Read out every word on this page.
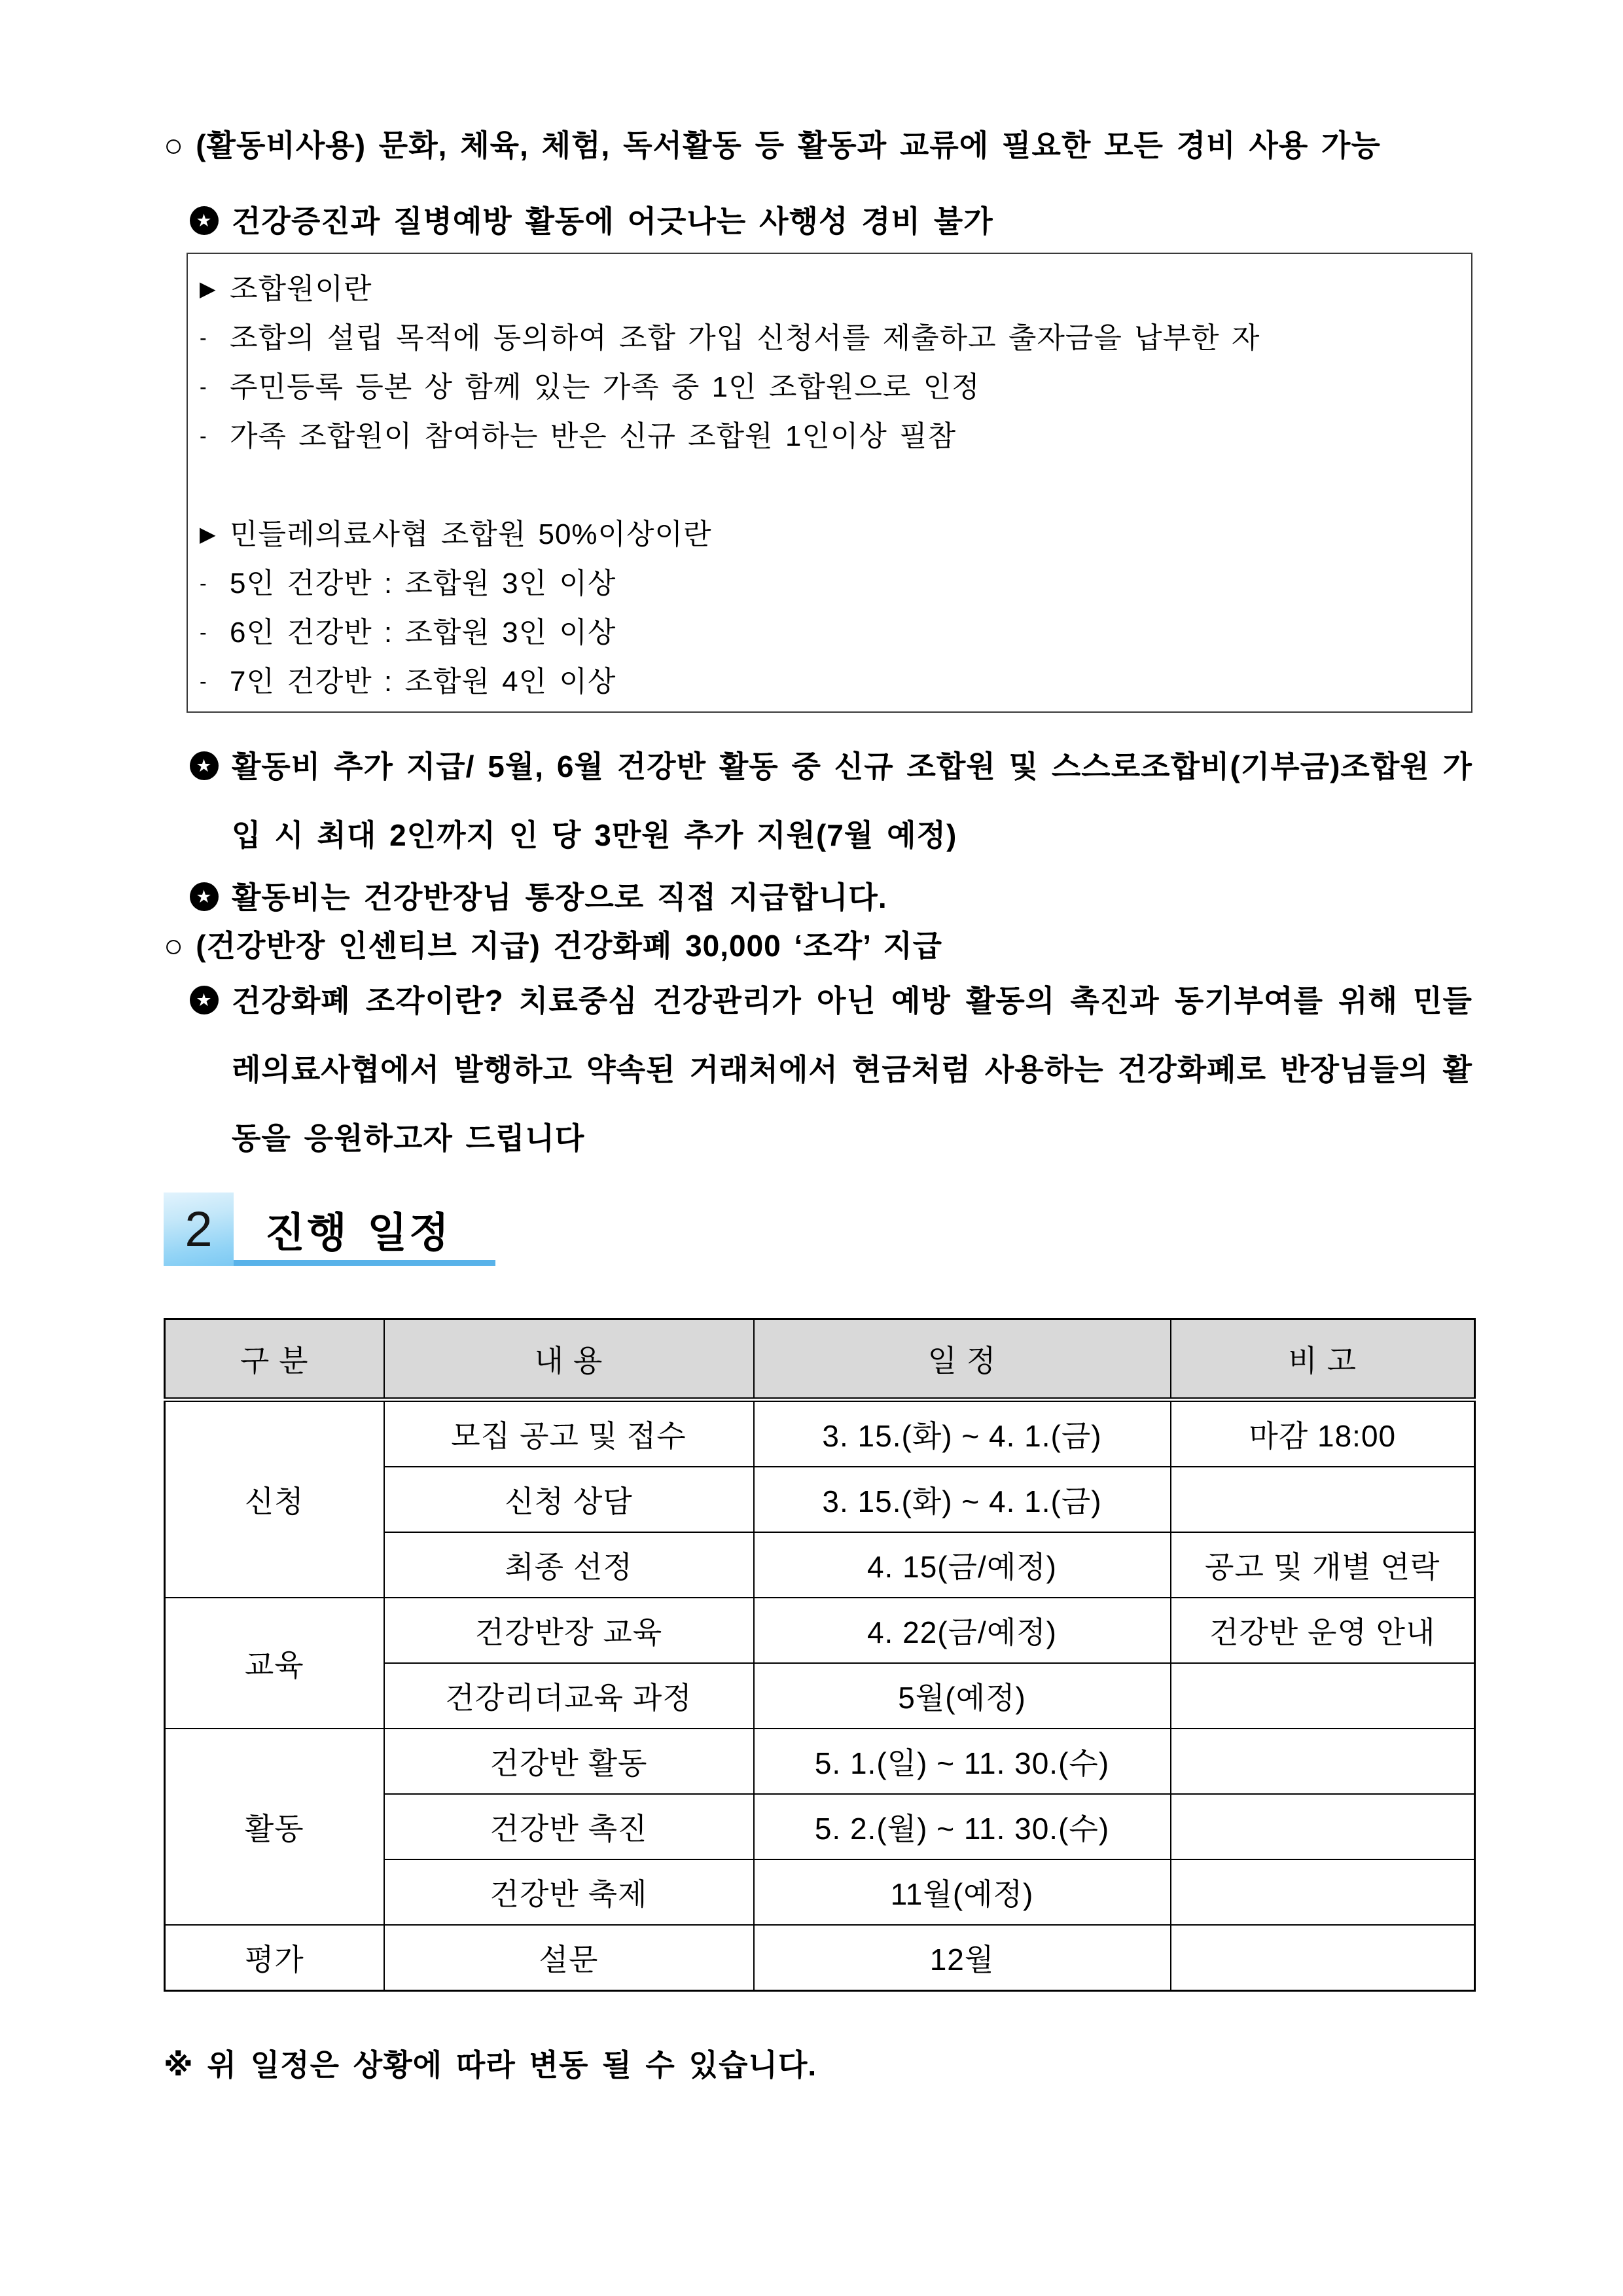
○ (활동비사용) 문화, 체육, 체험, 독서활동 등 활동과 교류에 필요한 모든 경비 사용 가능

★ 건강증진과 질병예방 활동에 어긋나는 사행성 경비 불가

▶ 조합원이란
- 조합의 설립 목적에 동의하여 조합 가입 신청서를 제출하고 출자금을 납부한 자
- 주민등록 등본 상 함께 있는 가족 중 1인 조합원으로 인정
- 가족 조합원이 참여하는 반은 신규 조합원 1인이상 필참
▶ 민들레의료사협 조합원 50%이상이란
- 5인 건강반 : 조합원 3인 이상
- 6인 건강반 : 조합원 3인 이상
- 7인 건강반 : 조합원 4인 이상

★ 활동비 추가 지급/ 5월, 6월 건강반 활동 중 신규 조합원 및 스스로조합비(기부금)조합원 가입 시 최대 2인까지 인 당 3만원 추가 지원(7월 예정)

★ 활동비는 건강반장님 통장으로 직접 지급합니다.

○ (건강반장 인센티브 지급) 건강화폐 30,000 ‘조각’ 지급

★ 건강화폐 조각이란? 치료중심 건강관리가 아닌 예방 활동의 촉진과 동기부여를 위해 민들레의료사협에서 발행하고 약속된 거래처에서 현금처럼 사용하는 건강화폐로 반장님들의 활동을 응원하고자 드립니다

2	진행 일정
구 분	내 용	일 정	비 고
신청	모집 공고 및 접수	3. 15.(화) ~ 4. 1.(금)	마감 18:00
	신청 상담	3. 15.(화) ~ 4. 1.(금)	
	최종 선정	4. 15(금/예정)	공고 및 개별 연락
교육	건강반장 교육	4. 22(금/예정)	건강반 운영 안내
	건강리더교육 과정	5월(예정)	
활동	건강반 활동	5. 1.(일) ~ 11. 30.(수)	
	건강반 촉진	5. 2.(월) ~ 11. 30.(수)	
	건강반 축제	11월(예정)	
평가	설문	12월	

※ 위 일정은 상황에 따라 변동 될 수 있습니다.
